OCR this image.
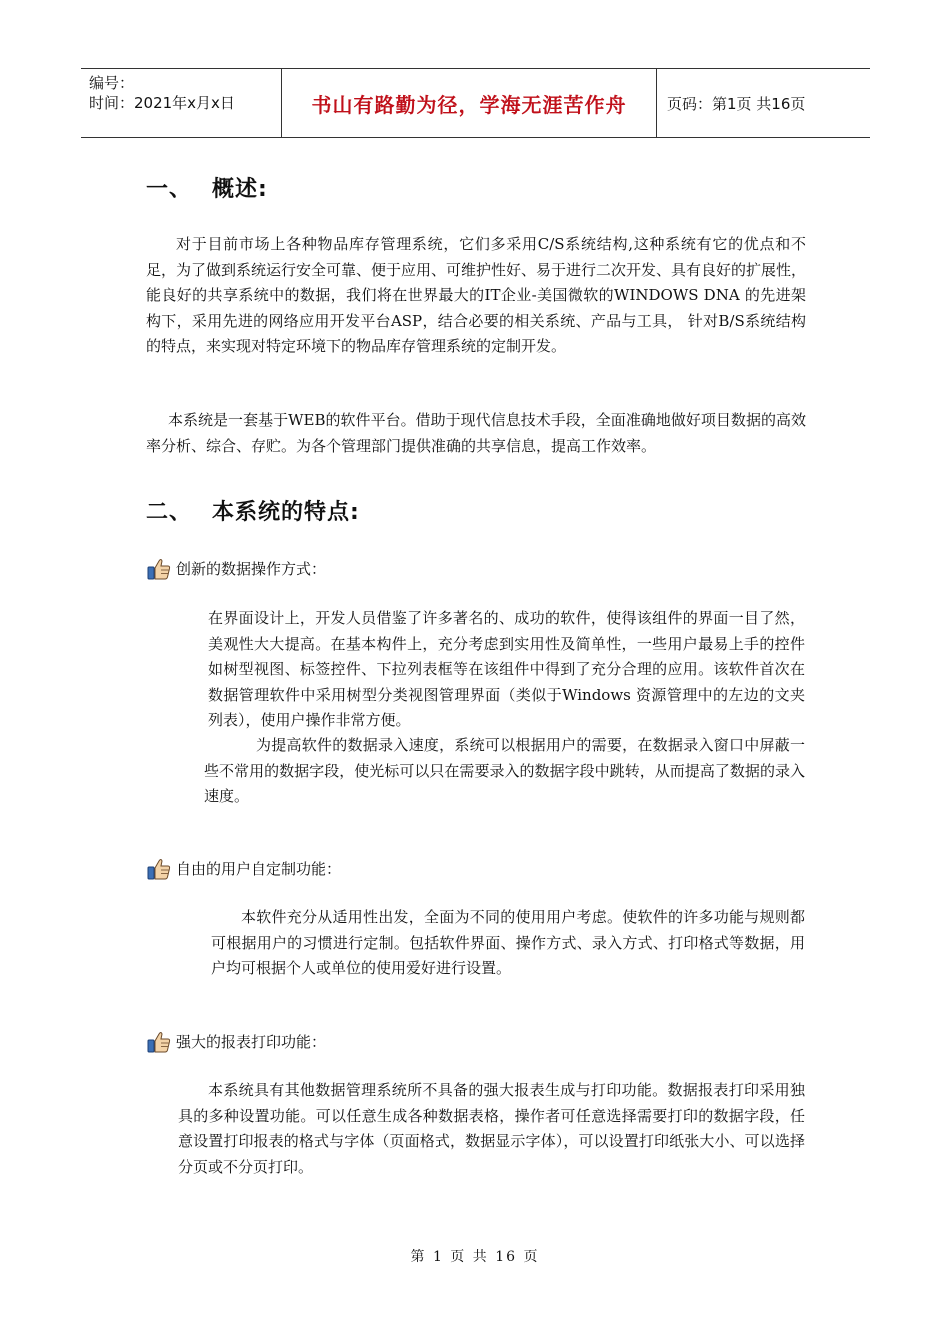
编号：
时间：2021年x月x日	书山有路勤为径，学海无涯苦作舟	页码：第1页 共16页
一、 概述:

对于目前市场上各种物品库存管理系统，它们多采用C/S系统结构,这种系统有它的优点和不足，为了做到系统运行安全可靠、便于应用、可维护性好、易于进行二次开发、具有良好的扩展性，能良好的共享系统中的数据，我们将在世界最大的IT企业-美国微软的WINDOWS DNA 的先进架构下，采用先进的网络应用开发平台ASP，结合必要的相关系统、产品与工具， 针对B/S系统结构的特点，来实现对特定环境下的物品库存管理系统的定制开发。

本系统是一套基于WEB的软件平台。借助于现代信息技术手段，全面准确地做好项目数据的高效率分析、综合、存贮。为各个管理部门提供准确的共享信息，提高工作效率。

二、 本系统的特点:
创新的数据操作方式：

在界面设计上，开发人员借鉴了许多著名的、成功的软件，使得该组件的界面一目了然，美观性大大提高。在基本构件上，充分考虑到实用性及简单性，一些用户最易上手的控件如树型视图、标签控件、下拉列表框等在该组件中得到了充分合理的应用。该软件首次在数据管理软件中采用树型分类视图管理界面（类似于Windows 资源管理中的左边的文夹列表），使用户操作非常方便。

为提高软件的数据录入速度，系统可以根据用户的需要，在数据录入窗口中屏蔽一些不常用的数据字段，使光标可以只在需要录入的数据字段中跳转，从而提高了数据的录入速度。

自由的用户自定制功能：

本软件充分从适用性出发，全面为不同的使用用户考虑。使软件的许多功能与规则都可根据用户的习惯进行定制。包括软件界面、操作方式、录入方式、打印格式等数据，用户均可根据个人或单位的使用爱好进行设置。

强大的报表打印功能：

本系统具有其他数据管理系统所不具备的强大报表生成与打印功能。数据报表打印采用独具的多种设置功能。可以任意生成各种数据表格，操作者可任意选择需要打印的数据字段，任意设置打印报表的格式与字体（页面格式，数据显示字体），可以设置打印纸张大小、可以选择分页或不分页打印。

第 1 页 共 16 页
